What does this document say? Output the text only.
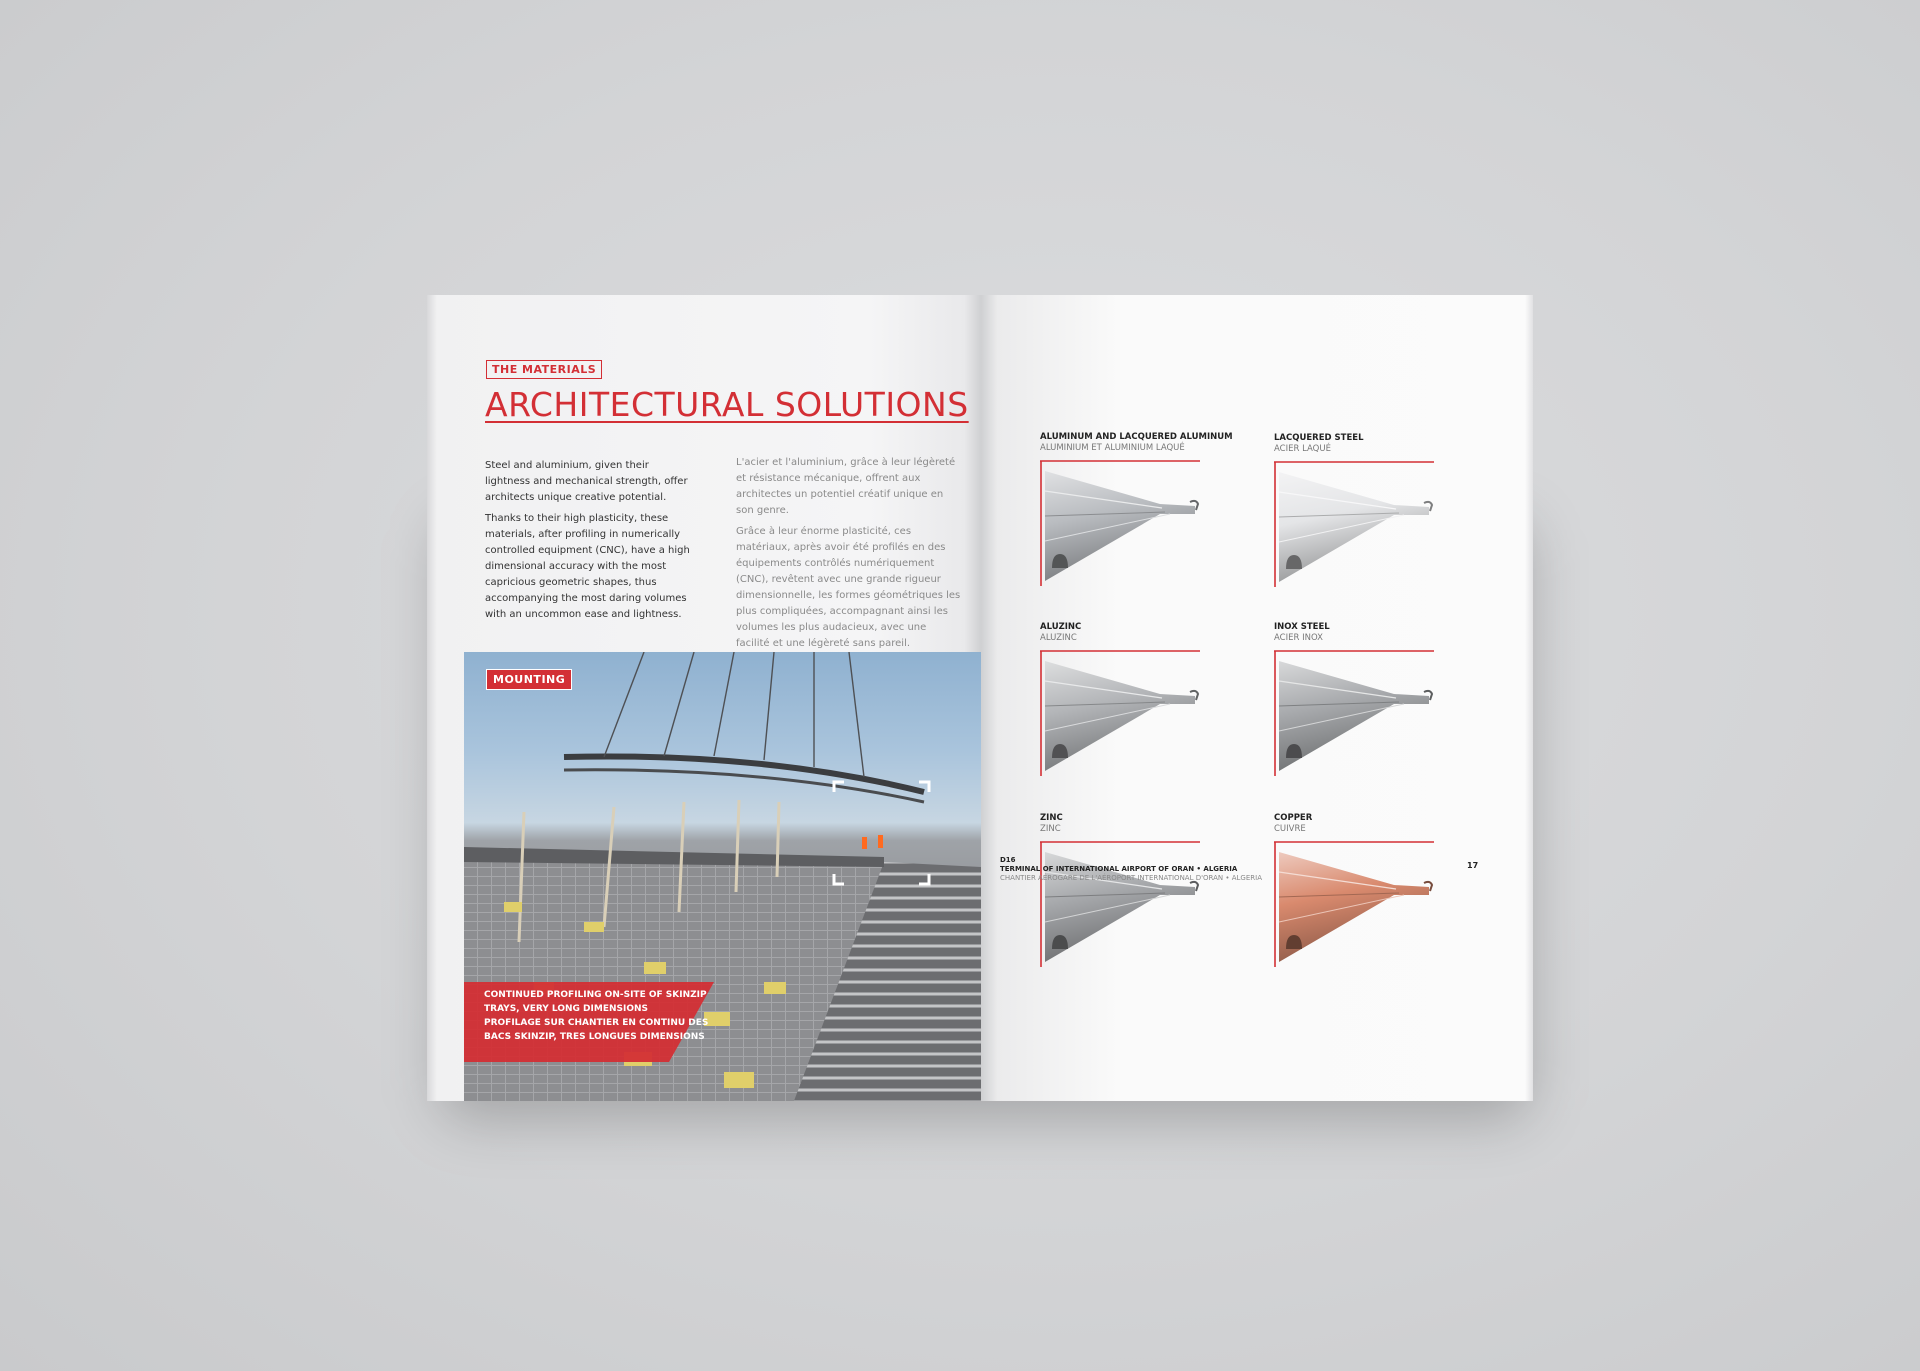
THE MATERIALS
ARCHITECTURAL SOLUTIONS

Steel and aluminium, given their lightness and mechanical strength, offer architects unique creative potential.

Thanks to their high plasticity, these materials, after profiling in numerically controlled equipment (CNC), have a high dimensional accuracy with the most capricious geometric shapes, thus accompanying the most daring volumes with an uncommon ease and lightness.

L'acier et l'aluminium, grâce à leur légèreté et résistance mécanique, offrent aux architectes un potentiel créatif unique en son genre.

Grâce à leur énorme plasticité, ces matériaux, après avoir été profilés en des équipements contrôlés numériquement (CNC), revêtent avec une grande rigueur dimensionnelle, les formes géométriques les plus compliquées, accompagnant ainsi les volumes les plus audacieux, avec une facilité et une légèreté sans pareil.

MOUNTING
CONTINUED PROFILING ON-SITE OF SKINZIP
TRAYS, VERY LONG DIMENSIONS
PROFILAGE SUR CHANTIER EN CONTINU DES
BACS SKINZIP, TRES LONGUES DIMENSIONS
ALUMINUM AND LACQUERED ALUMINUM
ALUMINIUM ET ALUMINIUM LAQUÉ
LACQUERED STEEL
ACIER LAQUÉ
ALUZINC
ALUZINC
INOX STEEL
ACIER INOX
ZINC
ZINC
COPPER
CUIVRE
D16
TERMINAL OF INTERNATIONAL AIRPORT OF ORAN • ALGERIA
CHANTIER AÉROGARE DE L'AÉROPORT INTERNATIONAL D'ORAN • ALGERIA
17
